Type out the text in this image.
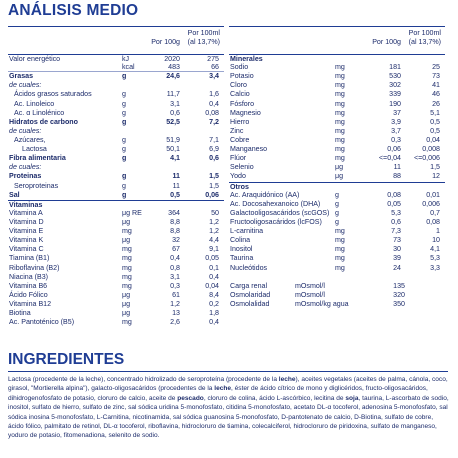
ANÁLISIS MEDIO
Por 100ml
(al 13,7%)
Por 100g
Valor energético	kJ	2020	275
kcal	483	66
Grasas	g	24,6	3,4
de cuales:
Ácidos grasos saturados	g	11,7	1,6
Ac. Linoleico	g	3,1	0,4
Ac. α Linolénico	g	0,6	0,08
Hidratos de carbono	g	52,5	7,2
de cuales:
Azúcares,	g	51,9	7,1
Lactosa	g	50,1	6,9
Fibra alimentaria	g	4,1	0,6
de cuales:
Proteinas	g	11	1,5
Seroproteinas	g	11	1,5
Sal	g	0,5	0,06
Vitaminas
Vitamina A	μg RE	364	50
Vitamina D	μg	8,8	1,2
Vitamina E	mg	8,8	1,2
Vitamina K	μg	32	4,4
Vitamina C	mg	67	9,1
Tiamina (B1)	mg	0,4	0,05
Riboflavina (B2)	mg	0,8	0,1
Niacina (B3)	mg	3,1	0,4
Vitamina B6	mg	0,3	0,04
Ácido Fólico	μg	61	8,4
Vitamina B12	μg	1,2	0,2
Biotina	μg	13	1,8
Ac. Pantoténico (B5)	mg	2,6	0,4
Por 100ml
(al 13,7%)
Por 100g
Minerales
Sodio	mg	181	25
Potasio	mg	530	73
Cloro	mg	302	41
Calcio	mg	339	46
Fósforo	mg	190	26
Magnesio	mg	37	5,1
Hierro	mg	3,9	0,5
Zinc	mg	3,7	0,5
Cobre	mg	0,3	0,04
Manganeso	mg	0,06	0,008
Flúor	mg	<=0,04 <=0,006
Selenio	μg	11	1,5
Yodo	μg	88	12
Otros
Ac. Araquidónico (AA)	g	0,08	0,01
Ac. Docosahexanoico (DHA) g	0,05	0,006
Galactooligosacáridos (scGOS) g	5,3	0,7
Fructooligosacáridos (lcFOS) g	0,6	0,08
L-carnitina	mg	7,3	1
Colina	mg	73	10
Inositol	mg	30	4,1
Taurina	mg	39	5,3
Nucleótidos	mg	24	3,3
Carga renal	mOsmol/l	135
Osmolaridad	mOsmol/l	320
Osmolalidad	mOsmol/kg agua	350
INGREDIENTES
Lactosa (procedente de la leche), concentrado hidrolizado de seroproteína (procedente de la leche), aceites vegetales (aceites de palma, cánola, coco, girasol, "Mortierella alpina"), galacto-oligosacáridos (procedentes de la leche, éster de ácido cítrico de mono y diglicéridos, fructo-oligosacáridos, dihidrogenofosfato de potasio, cloruro de calcio, aceite de pescado, cloruro de colina, ácido L-ascórbico, lecitina de soja, taurina, L-ascorbato de sodio, inositol, sulfato de hierro, sulfato de zinc, sal sódica uridina 5-monofosfato, citidina 5-monofosfato, acetato DL-α tocoferol, adenosina 5-monofosfato, sal sódica inosina 5-monofosfato, L-Carnitina, nicotinamida, sal sódica guanosina 5-monofosfato, D-pantotenato de calcio, D-Biotina, sulfato de cobre, ácido fólico, palmitato de retinol, DL-α tocoferol, riboflavina, hidrocloruro de tiamina, colecalciferol, hidrocloruro de piridoxina, sulfato de manganeso, yoduro de potasio, fitomenadiona, selenito de sodio.
